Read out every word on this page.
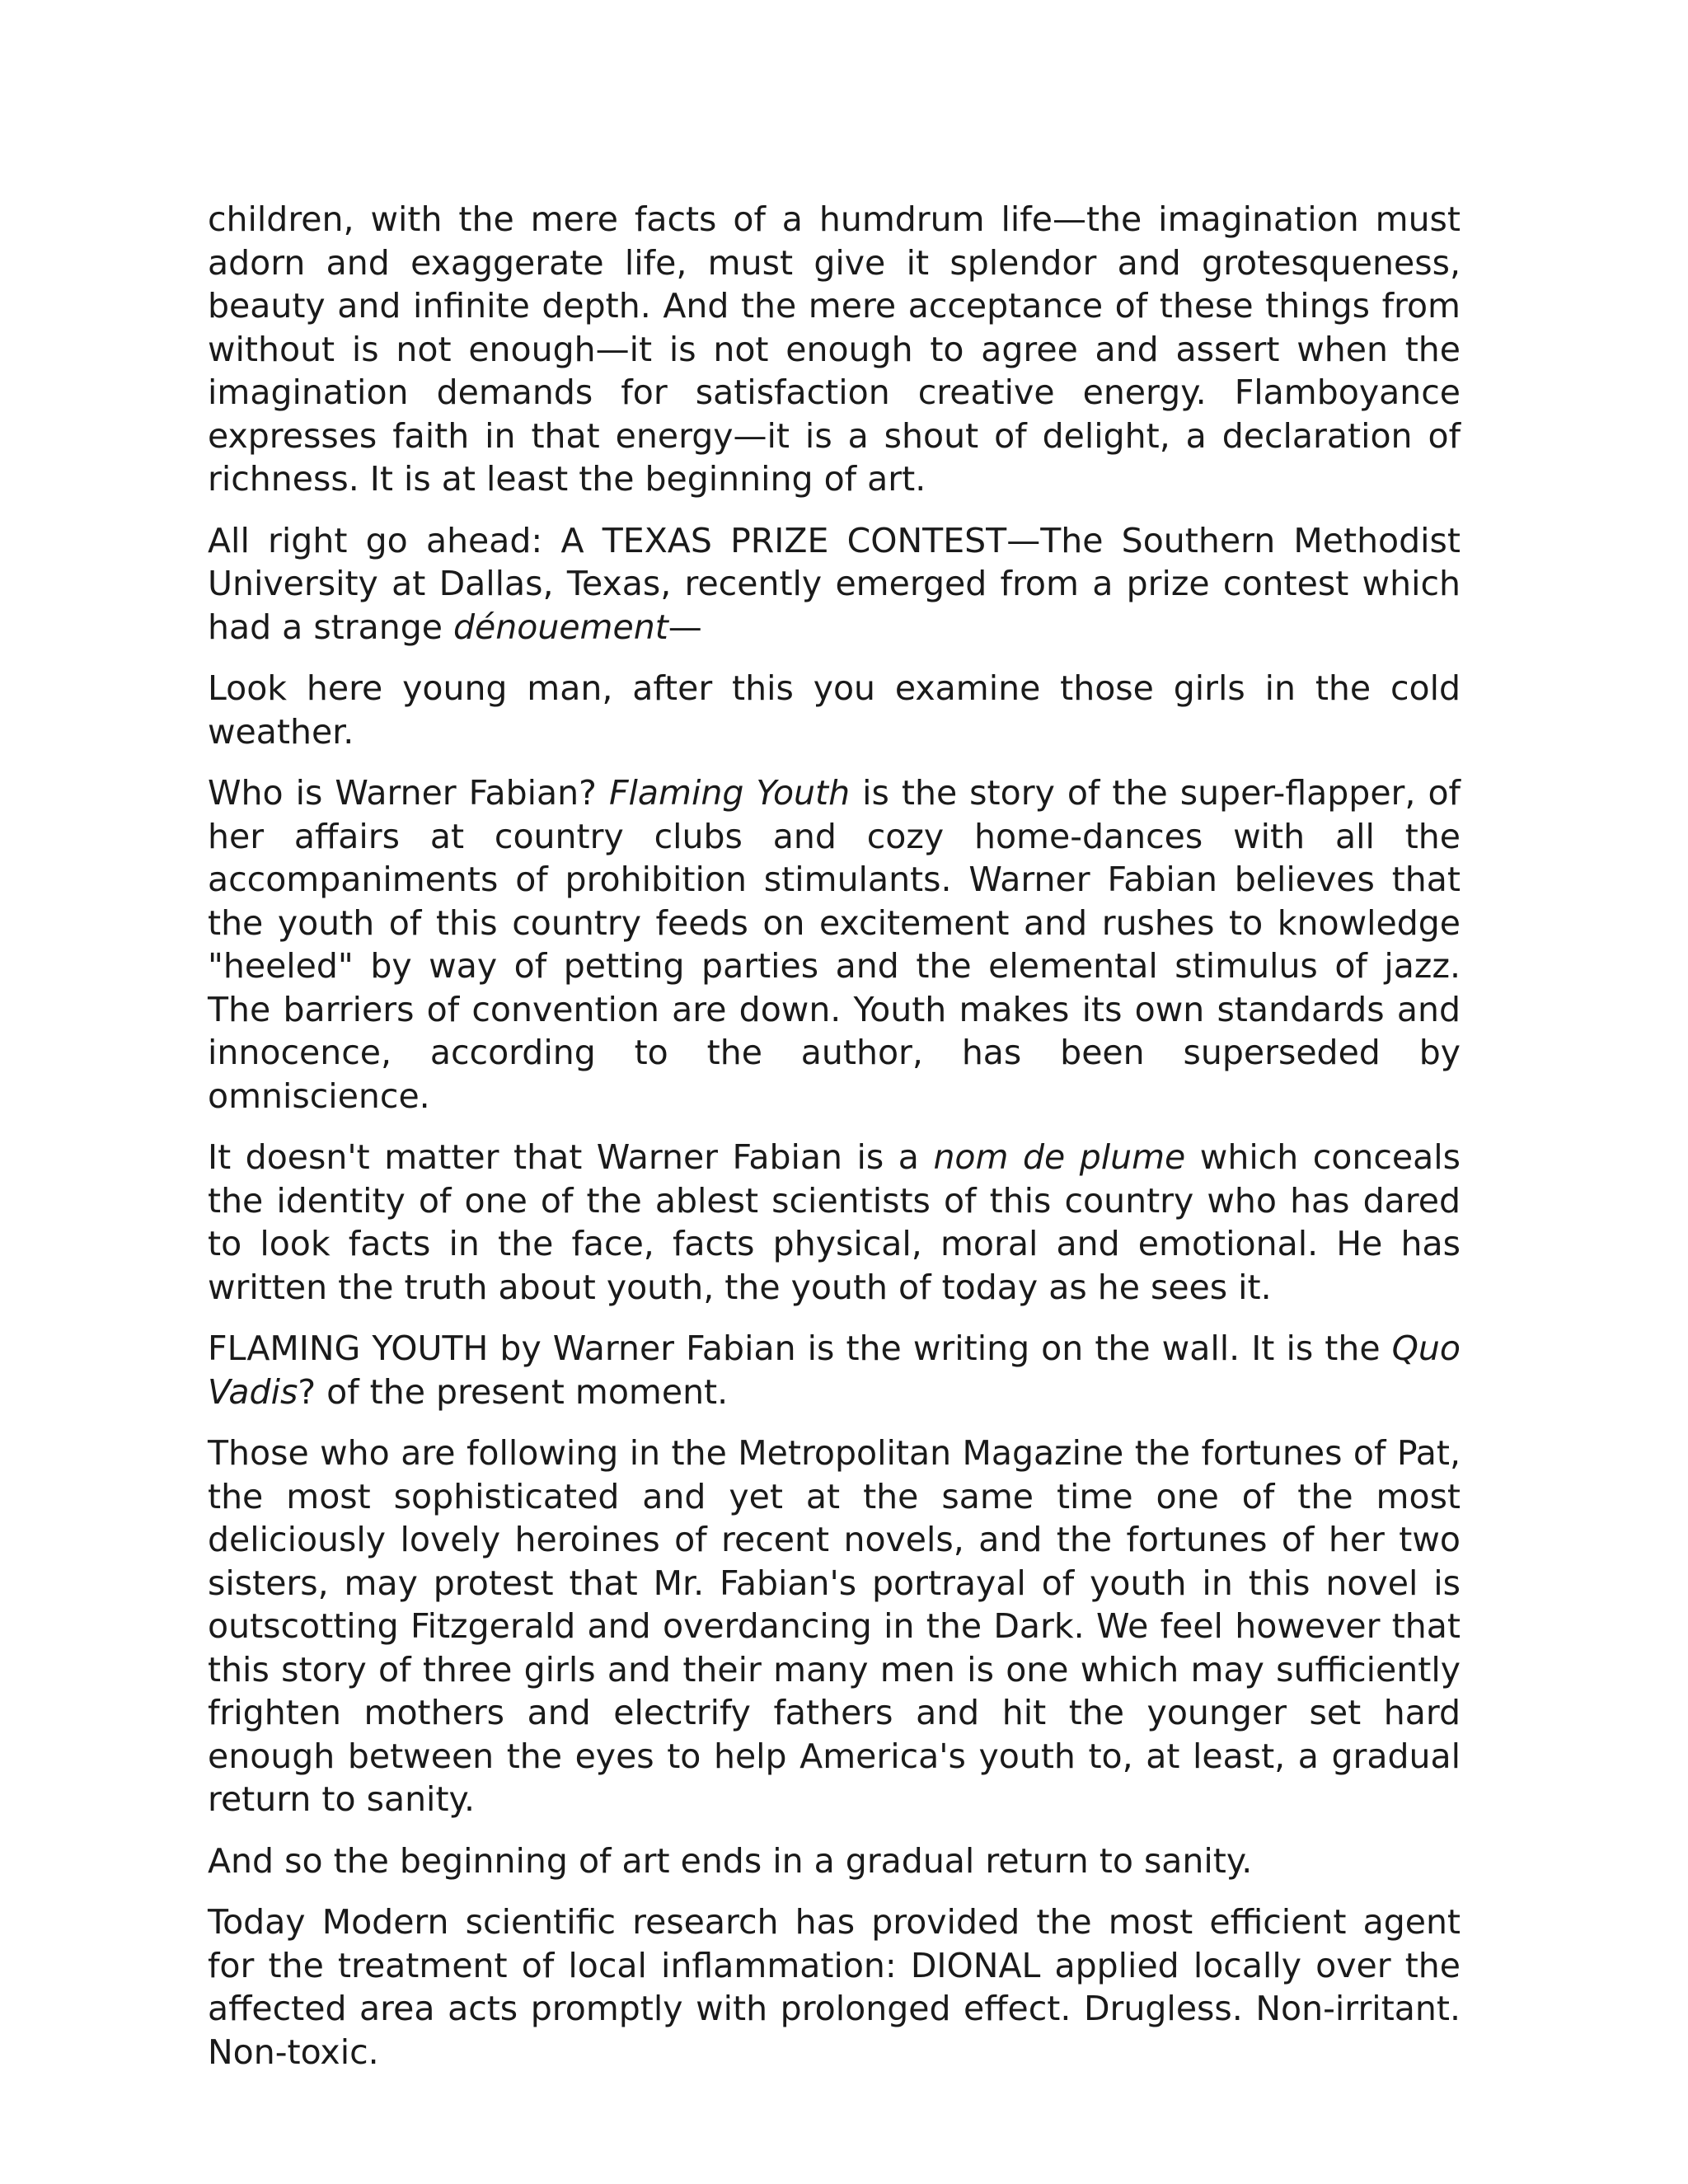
children, with the mere facts of a humdrum life—the imagination must adorn and exaggerate life, must give it splendor and grotesqueness, beauty and infinite depth. And the mere acceptance of these things from without is not enough—it is not enough to agree and assert when the imagination demands for satisfaction creative energy. Flamboyance expresses faith in that energy—it is a shout of delight, a declaration of richness. It is at least the beginning of art.

All right go ahead: A TEXAS PRIZE CONTEST—The Southern Methodist University at Dallas, Texas, recently emerged from a prize contest which had a strange dénouement—

Look here young man, after this you examine those girls in the cold weather.

Who is Warner Fabian? Flaming Youth is the story of the super-flapper, of her affairs at country clubs and cozy home-dances with all the accompaniments of prohibition stimulants. Warner Fabian believes that the youth of this country feeds on excitement and rushes to knowledge "heeled" by way of petting parties and the elemental stimulus of jazz. The barriers of convention are down. Youth makes its own standards and innocence, according to the author, has been superseded by omniscience.

It doesn't matter that Warner Fabian is a nom de plume which conceals the identity of one of the ablest scientists of this country who has dared to look facts in the face, facts physical, moral and emotional. He has written the truth about youth, the youth of today as he sees it.

FLAMING YOUTH by Warner Fabian is the writing on the wall. It is the Quo Vadis? of the present moment.

Those who are following in the Metropolitan Magazine the fortunes of Pat, the most sophisticated and yet at the same time one of the most deliciously lovely heroines of recent novels, and the fortunes of her two sisters, may protest that Mr. Fabian's portrayal of youth in this novel is outscotting Fitzgerald and overdancing in the Dark. We feel however that this story of three girls and their many men is one which may sufficiently frighten mothers and electrify fathers and hit the younger set hard enough between the eyes to help America's youth to, at least, a gradual return to sanity.

And so the beginning of art ends in a gradual return to sanity.

Today Modern scientific research has provided the most efficient agent for the treatment of local inflammation: DIONAL applied locally over the affected area acts promptly with prolonged effect. Drugless. Non-irritant. Non-toxic.
